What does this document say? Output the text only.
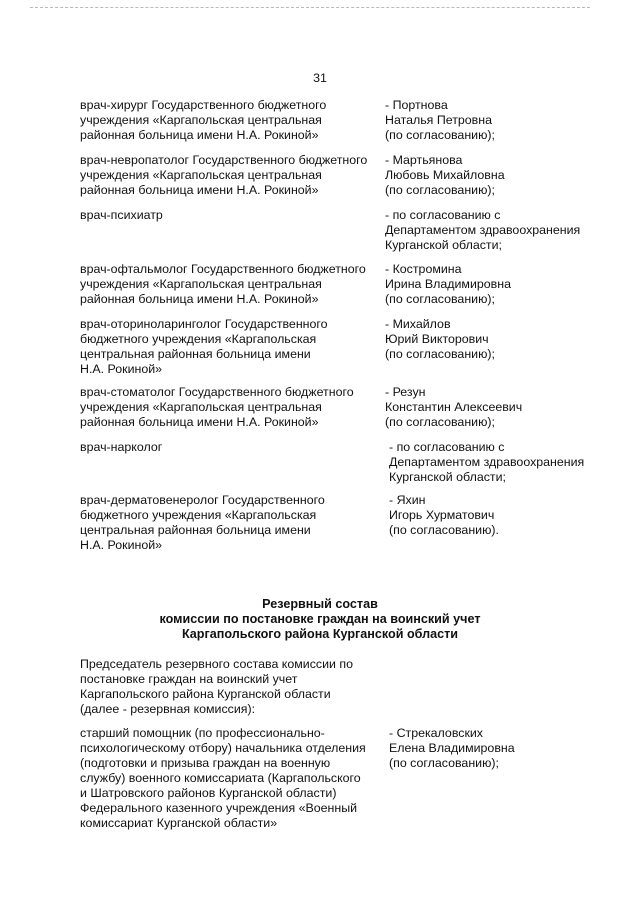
31
врач-хирург Государственного бюджетного
учреждения «Каргапольская центральная
районная больница имени Н.А. Рокиной»
- Портнова
Наталья Петровна
(по согласованию);
врач-невропатолог Государственного бюджетного
учреждения «Каргапольская центральная
районная больница имени Н.А. Рокиной»
- Мартьянова
Любовь Михайловна
(по согласованию);
врач-психиатр	- по согласованию с
Департаментом здравоохранения
Курганской области;
врач-офтальмолог Государственного бюджетного
учреждения «Каргапольская центральная
районная больница имени Н.А. Рокиной»
- Костромина
Ирина Владимировна
(по согласованию);
врач-оториноларинголог Государственного
бюджетного учреждения «Каргапольская
центральная районная больница имени
Н.А. Рокиной»
- Михайлов
Юрий Викторович
(по согласованию);
врач-стоматолог Государственного бюджетного
учреждения «Каргапольская центральная
районная больница имени Н.А. Рокиной»
- Резун
Константин Алексеевич
(по согласованию);
врач-нарколог	- по согласованию с
Департаментом здравоохранения
Курганской области;
врач-дерматовенеролог Государственного
бюджетного учреждения «Каргапольская
центральная районная больница имени
Н.А. Рокиной»
- Яхин
Игорь Хурматович
(по согласованию).
Резервный состав
комиссии по постановке граждан на воинский учет
Каргапольского района Курганской области
Председатель резервного состава комиссии по
постановке граждан на воинский учет
Каргапольского района Курганской области
(далее - резервная комиссия):
старший помощник (по профессионально-
психологическому отбору) начальника отделения
(подготовки и призыва граждан на военную
службу) военного комиссариата (Каргапольского
и Шатровского районов Курганской области)
Федерального казенного учреждения «Военный
комиссариат Курганской области»
- Стрекаловских
Елена Владимировна
(по согласованию);
